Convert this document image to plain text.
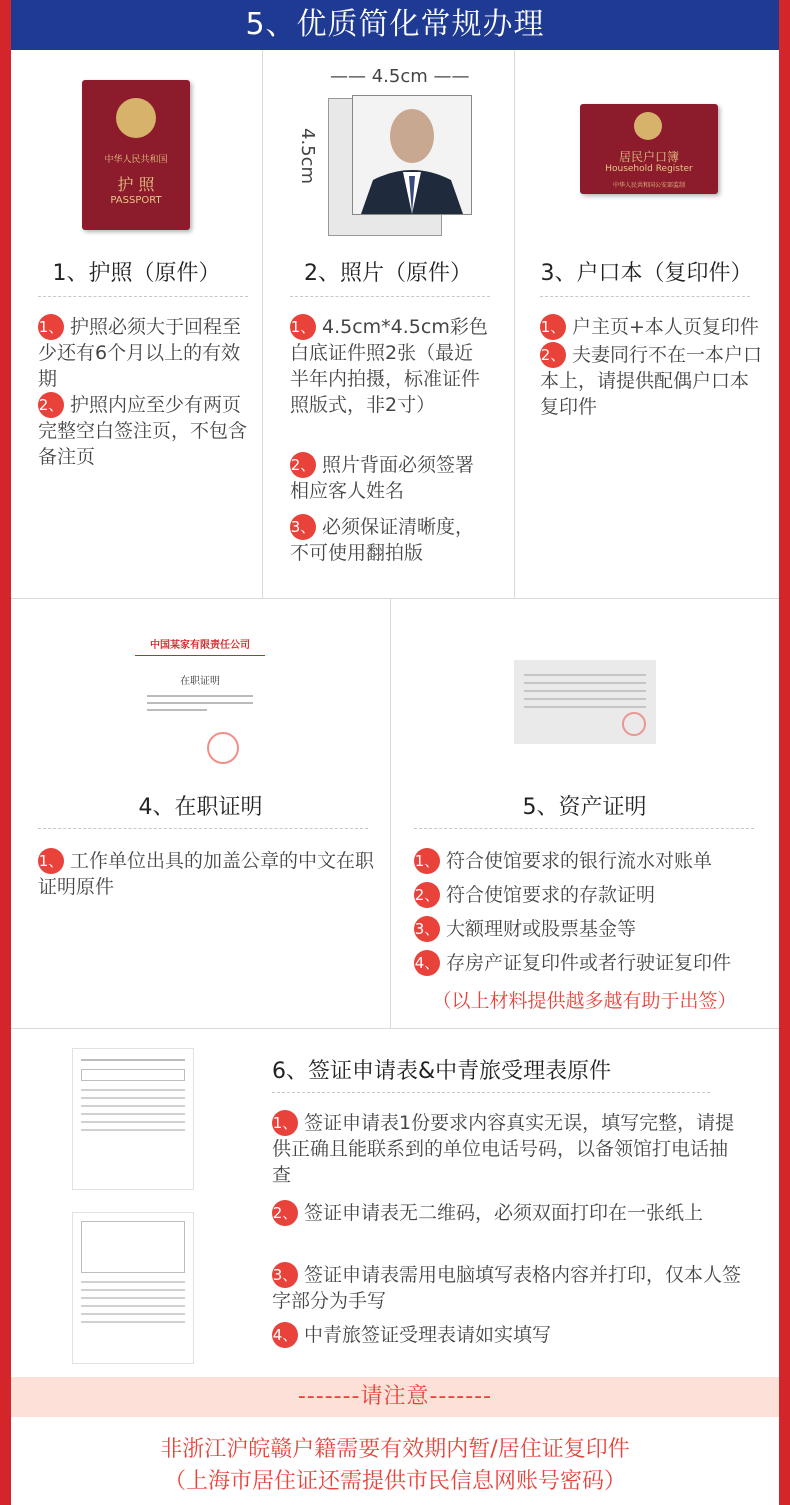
5、优质简化常规办理
中华人民共和国
护 照
PASSPORT
1、护照（原件）
1、 护照必须大于回程至少还有6个月以上的有效期
2、 护照内应至少有两页完整空白签注页，不包含备注页
—— 4.5cm ——
4.5cm
2、照片（原件）
1、 4.5cm*4.5cm彩色白底证件照2张（最近半年内拍摄，标准证件照版式，非2寸）
2、 照片背面必须签署相应客人姓名
3、 必须保证清晰度，不可使用翻拍版
居民户口簿
Household Register
中华人民共和国公安部监制
3、户口本（复印件）
1、 户主页+本人页复印件
2、 夫妻同行不在一本户口本上，请提供配偶户口本复印件
中国某家有限责任公司
在职证明
4、在职证明
1、 工作单位出具的加盖公章的中文在职证明原件
5、资产证明
1、 符合使馆要求的银行流水对账单
2、 符合使馆要求的存款证明
3、 大额理财或股票基金等
4、 存房产证复印件或者行驶证复印件
（以上材料提供越多越有助于出签）
6、签证申请表&中青旅受理表原件
1、 签证申请表1份要求内容真实无误，填写完整，请提供正确且能联系到的单位电话号码，以备领馆打电话抽查
2、 签证申请表无二维码，必须双面打印在一张纸上
3、 签证申请表需用电脑填写表格内容并打印，仅本人签字部分为手写
4、 中青旅签证受理表请如实填写
-------请注意-------
非浙江沪皖赣户籍需要有效期内暂/居住证复印件
（上海市居住证还需提供市民信息网账号密码）
